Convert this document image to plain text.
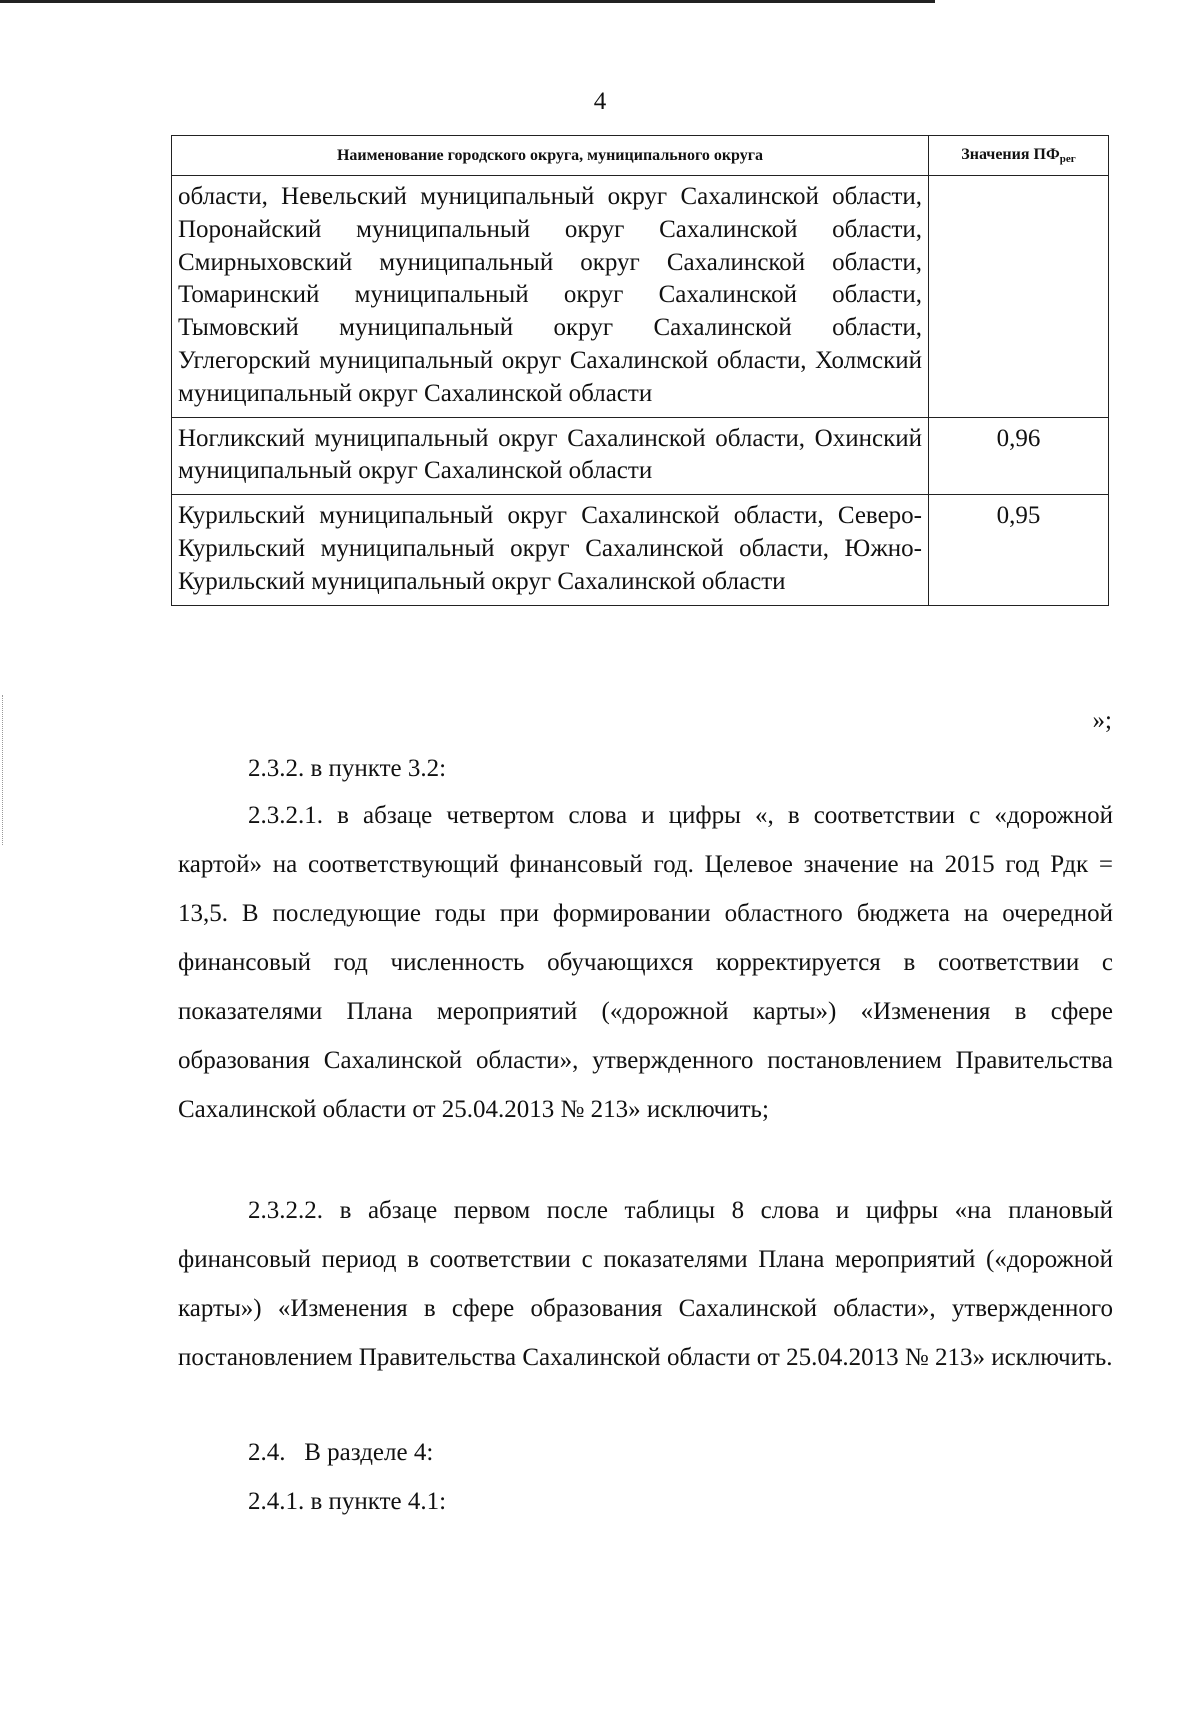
4
Наименование городского округа, муниципального округа	Значения $ПФ_{рег}$
области, Невельский муниципальный округ Сахалинской области, Поронайский муниципальный округ Сахалинской области, Смирныховский муниципальный округ Сахалинской области, Томаринский муниципальный округ Сахалинской области, Тымовский муниципальный округ Сахалинской области, Углегорский муниципальный округ Сахалинской области, Холмский муниципальный округ Сахалинской области	
Ногликский муниципальный округ Сахалинской области, Охинский муниципальный округ Сахалинской области	0,96
Курильский муниципальный округ Сахалинской области, Северо-Курильский муниципальный округ Сахалинской области, Южно-Курильский муниципальный округ Сахалинской области	0,95
»;

2.3.2. в пункте 3.2:

2.3.2.1. в абзаце четвертом слова и цифры «, в соответствии с «дорожной картой» на соответствующий финансовый год. Целевое значение на 2015 год Рдк = 13,5. В последующие годы при формировании областного бюджета на очередной финансовый год численность обучающихся корректируется в соответствии с показателями Плана мероприятий («дорожной карты») «Изменения в сфере образования Сахалинской области», утвержденного постановлением Правительства Сахалинской области от 25.04.2013 № 213» исключить;

2.3.2.2. в абзаце первом после таблицы 8 слова и цифры «на плановый финансовый период в соответствии с показателями Плана мероприятий («дорожной карты») «Изменения в сфере образования Сахалинской области», утвержденного постановлением Правительства Сахалинской области от 25.04.2013 № 213» исключить.

2.4.   В разделе 4:

2.4.1. в пункте 4.1:
